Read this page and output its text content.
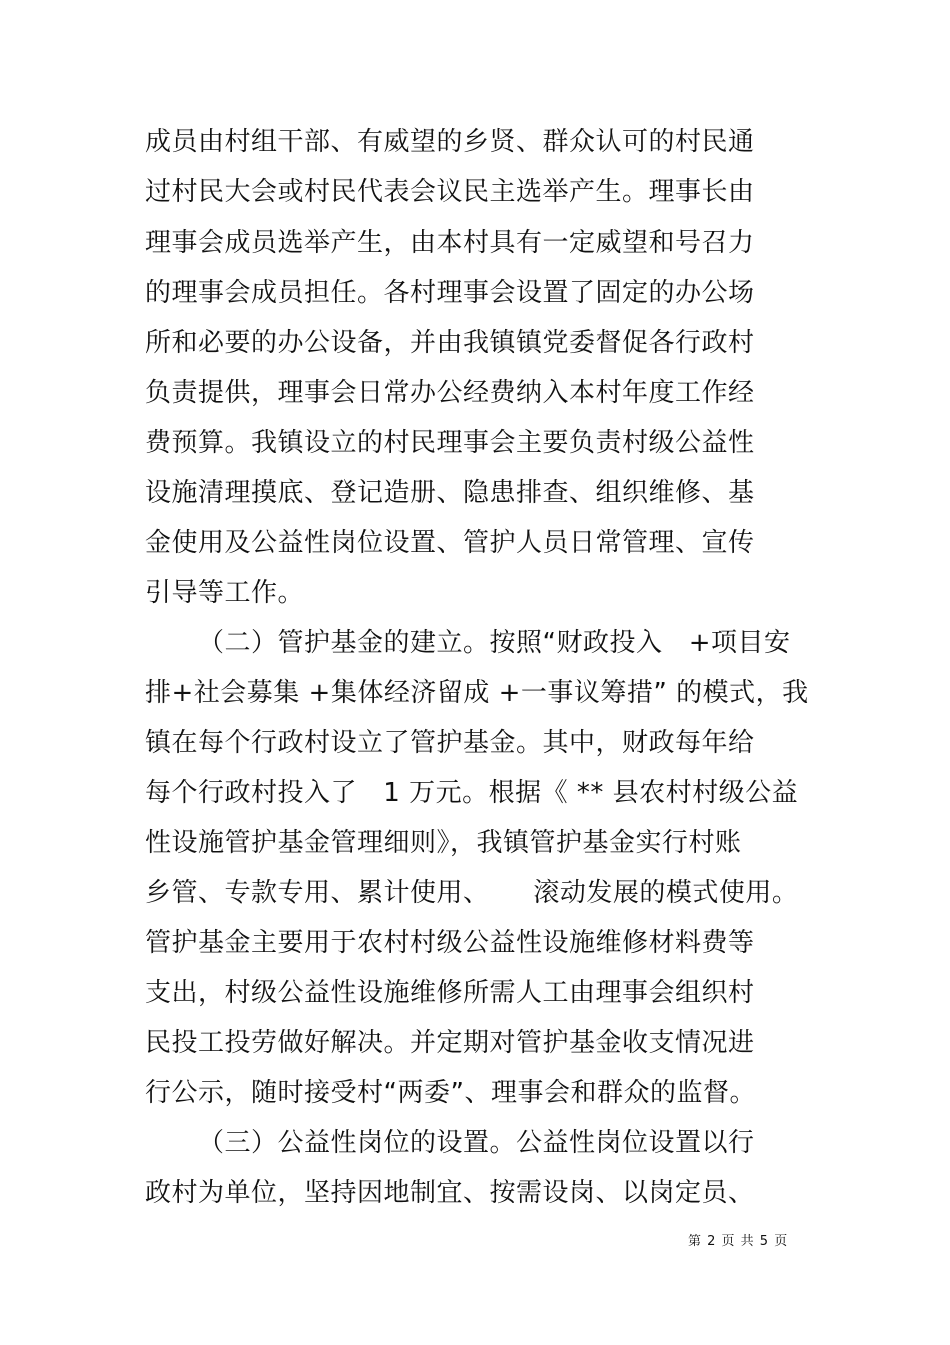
成员由村组干部、有威望的乡贤、群众认可的村民通
过村民大会或村民代表会议民主选举产生。理事长由
理事会成员选举产生，由本村具有一定威望和号召力
的理事会成员担任。各村理事会设置了固定的办公场
所和必要的办公设备，并由我镇镇党委督促各行政村
负责提供，理事会日常办公经费纳入本村年度工作经
费预算。我镇设立的村民理事会主要负责村级公益性
设施清理摸底、登记造册、隐患排查、组织维修、基
金使用及公益性岗位设置、管护人员日常管理、宣传
引导等工作。
（二）管护基金的建立。按照“财政投入   +项目安
排+社会募集 +集体经济留成 +一事议筹措” 的模式，我
镇在每个行政村设立了管护基金。其中，财政每年给
每个行政村投入了   1 万元。根据《 ** 县农村村级公益
性设施管护基金管理细则》，我镇管护基金实行村账
乡管、专款专用、累计使用、     滚动发展的模式使用。
管护基金主要用于农村村级公益性设施维修材料费等
支出，村级公益性设施维修所需人工由理事会组织村
民投工投劳做好解决。并定期对管护基金收支情况进
行公示，随时接受村“两委”、理事会和群众的监督。
（三）公益性岗位的设置。公益性岗位设置以行
政村为单位，坚持因地制宜、按需设岗、以岗定员、
第 2 页 共 5 页
